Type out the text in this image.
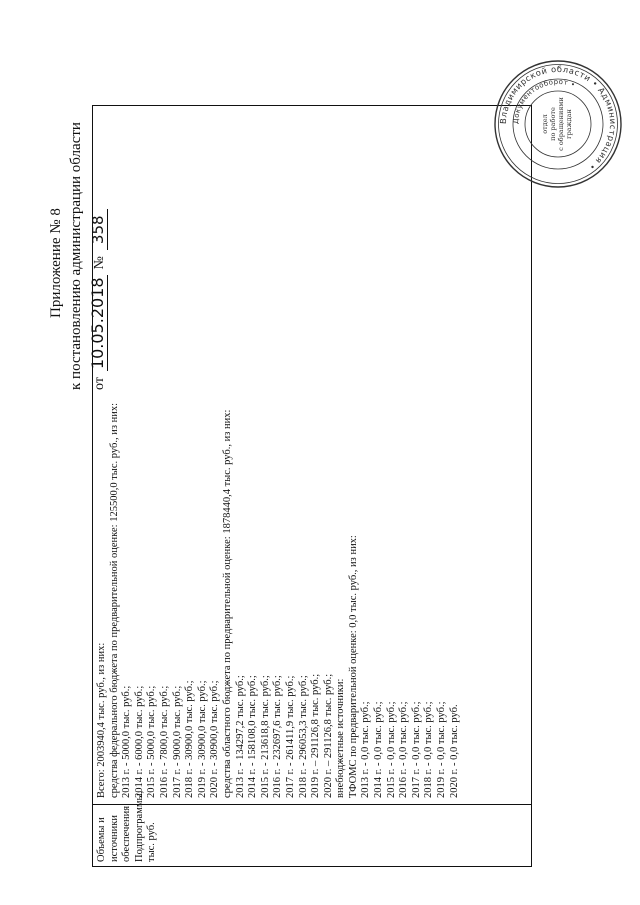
Приложение № 8 к постановлению администрации области от
10.05.2018
№
358
Объемы и источники обеспечения Подпрограммы, тыс. руб.
Всего: 2003940,4 тыс. руб., из них: средства федерального бюджета по предварительной оценке: 125500,0 тыс. руб., из них: 2013 г. - 5000,0 тыс. руб.; 2014 г. - 6000,0 тыс. руб.; 2015 г. - 5000,0 тыс. руб.; 2016 г. - 7800,0 тыс. руб.; 2017 г. - 9000,0 тыс. руб.; 2018 г. - 30900,0 тыс. руб.; 2019 г. - 30900,0 тыс. руб.; 2020 г. - 30900,0 тыс. руб.; средства областного бюджета по предварительной оценке: 1878440,4 тыс. руб., из них: 2013 г. - 134297,2 тыс. руб.; 2014 г. - 158108,0 тыс. руб.; 2015 г. - 213618,8 тыс. руб.; 2016 г. - 232697,6 тыс. руб.; 2017 г. - 261411,9 тыс. руб.; 2018 г. - 296053,3 тыс. руб.; 2019 г. – 291126,8 тыс. руб.; 2020 г. – 291126,8 тыс. руб.; внебюджетные источники: ТФОМС по предварительной оценке: 0,0 тыс. руб., из них: 2013 г. - 0,0 тыс. руб.; 2014 г. - 0,0 тыс. руб.; 2015 г. - 0,0 тыс. руб.; 2016 г. - 0,0 тыс. руб.; 2017 г. - 0,0 тыс. руб.; 2018 г. - 0,0 тыс. руб.; 2019 г. - 0,0 тыс. руб.; 2020 г. - 0,0 тыс. руб.
Владимирской области • Администрация •
Документооборот •
отдел по работе с обращениями граждан
